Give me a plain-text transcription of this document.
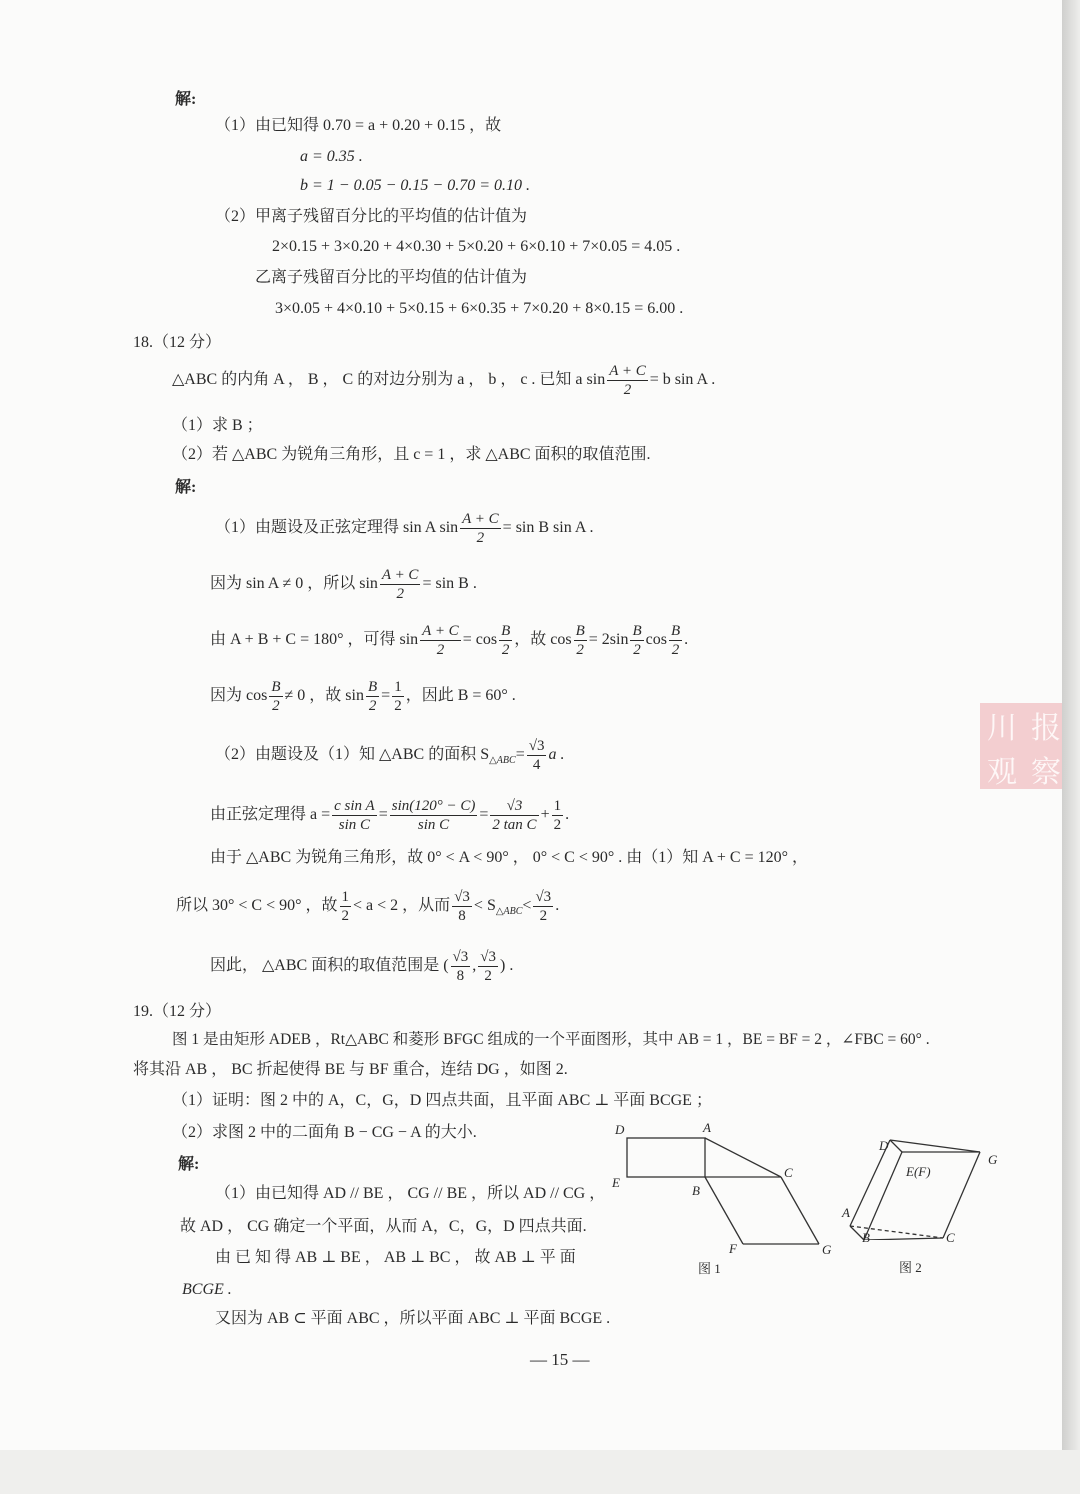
解:
（1）由已知得 0.70 = a + 0.20 + 0.15 ，故
a = 0.35 .
b = 1 − 0.05 − 0.15 − 0.70 = 0.10 .
（2）甲离子残留百分比的平均值的估计值为
2×0.15 + 3×0.20 + 4×0.30 + 5×0.20 + 6×0.10 + 7×0.05 = 4.05 .
乙离子残留百分比的平均值的估计值为
3×0.05 + 4×0.10 + 5×0.15 + 6×0.35 + 7×0.20 + 8×0.15 = 6.00 .
18.（12 分）
△ABC 的内角 A ， B ， C 的对边分别为 a ， b ， c . 已知 a $\sin \frac{A + C}{2} = b$ sin A .
（1）求 B ；
（2）若 △ABC 为锐角三角形，且 c = 1 ，求 △ABC 面积的取值范围.
解:
（1）由题设及正弦定理得 sin A $\sin \frac{A + C}{2} = \sin B$ sin A .
因为 sin A ≠ 0 ，所以 $\sin \frac{A + C}{2} = \sin B$ .
由 A + B + C = 180° ，可得 $\sin \frac{A + C}{2} = \cos \frac{B}{2}$ ，故 $\cos \frac{B}{2} = 2\sin \frac{B}{2}$ $\cos \frac{B}{2}$ .
因为 $\cos \frac{B}{2} \ne 0$ ，故 $\sin \frac{B}{2} = \frac{1}{2}$ ，因此 B = 60° .
（2）由题设及（1）知 △ABC 的面积 $S_{\triangle ABC}= \frac{√3}{4}$ a .
由正弦定理得 $a = \frac{\text{c sin A}}{\text{sin C}} = \frac{\sin(120^\circ - C)}{\text{sin C}} = \frac{√3}{\text{2 tan C}} + \frac{1}{2}$ .
由于 △ABC 为锐角三角形，故 0° < A < 90° ， 0° < C < 90° . 由（1）知 A + C = 120° ，
所以 30° < C < 90° ，故 $\frac{1}{2} < a < 2$ ，从而 $\frac{√3}{8} < S_{\triangle ABC}< \frac{√3}{2}$ .
因此， △ABC 面积的取值范围是 ( $\frac{√3}{8}$ , $\frac{√3}{2}$ ) .
19.（12 分）
图 1 是由矩形 ADEB ，Rt△ABC 和菱形 BFGC 组成的一个平面图形，其中 AB = 1 ，BE = BF = 2 ，∠FBC = 60° .
将其沿 AB ， BC 折起使得 BE 与 BF 重合，连结 DG ，如图 2.
（1）证明：图 2 中的 A，C，G，D 四点共面，且平面 ABC ⊥ 平面 BCGE ；
（2）求图 2 中的二面角 B − CG − A 的大小.
解:
（1）由已知得 AD // BE ， CG // BE ，所以 AD // CG ，
故 AD ， CG 确定一个平面，从而 A，C，G，D 四点共面.
由 已 知 得 AB ⊥ BE ， AB ⊥ BC ， 故 AB ⊥ 平 面
BCGE .
又因为 AB ⊂ 平面 ABC ，所以平面 ABC ⊥ 平面 BCGE .
D	A
E
B
C
F	G
图 1
D
E(F)
G
A
B	C
图 2
— 15 —
川 报
观 察
